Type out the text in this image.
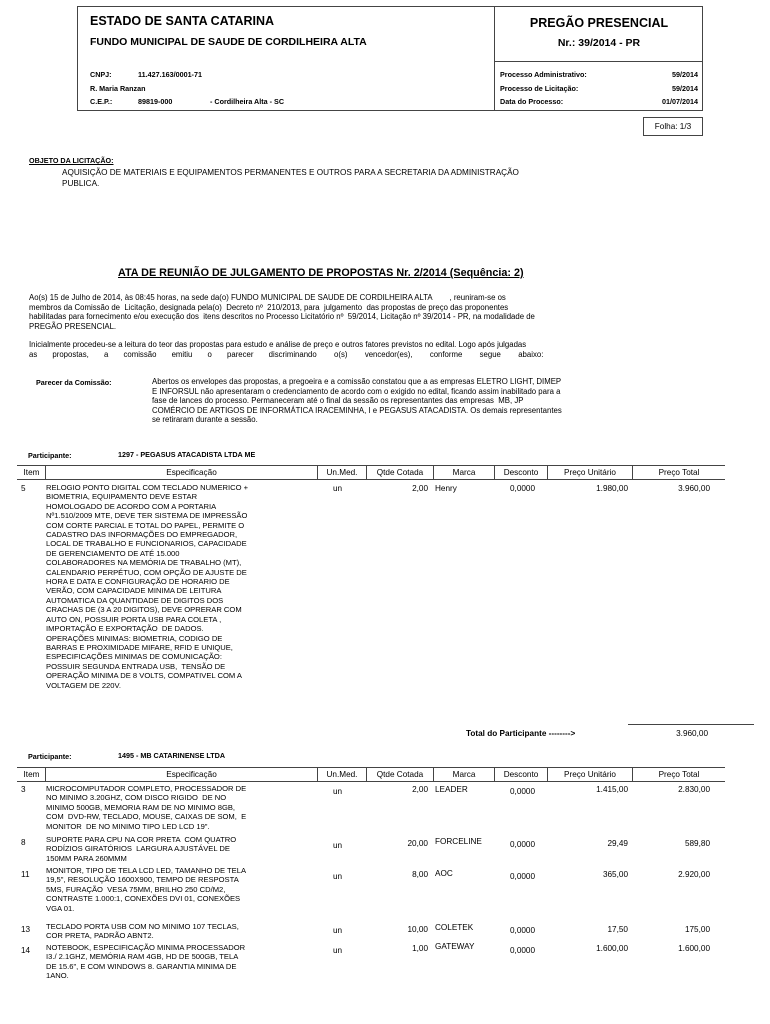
ESTADO DE SANTA CATARINA
FUNDO MUNICIPAL DE SAUDE DE CORDILHEIRA ALTA
CNPJ:	11.427.163/0001-71
R. Maria Ranzan
C.E.P.:	89819-000	- Cordilheira Alta - SC
PREGÃO PRESENCIAL
Nr.: 39/2014 - PR
Processo Administrativo:	59/2014
Processo de Licitação:	59/2014
Data do Processo:	01/07/2014
Folha: 1/3
OBJETO DA LICITAÇÃO:
AQUISIÇÃO DE MATERIAIS E EQUIPAMENTOS PERMANENTES E OUTROS PARA A SECRETARIA DA ADMINISTRAÇÃO
PUBLICA.
ATA DE REUNIÃO DE JULGAMENTO DE PROPOSTAS Nr. 2/2014 (Sequência: 2)
Ao(s) 15 de Julho de 2014, às 08:45 horas, na sede da(o) FUNDO MUNICIPAL DE SAUDE DE CORDILHEIRA ALTA        , reuniram-se os
membros da Comissão de  Licitação, designada pela(o)  Decreto nº  210/2013, para  julgamento  das propostas de preço das proponentes
habilitadas para fornecimento e/ou execução dos  itens descritos no Processo Licitatório nº  59/2014, Licitação nº 39/2014 - PR, na modalidade de
PREGÃO PRESENCIAL.
Inicialmente procedeu-se a leitura do teor das propostas para estudo e análise de preço e outros fatores previstos no edital. Logo após julgadas
as       propostas,       a       comissão       emitiu       o       parecer       discriminando        o(s)        vencedor(es),        conforme        segue        abaixo:
Parecer da Comissão:	Abertos os envelopes das propostas, a pregoeira e a comissão constatou que a as empresas ELETRO LIGHT, DIMEP
E INFORSUL não apresentaram o credenciamento de acordo com o exigido no edital, ficando assim inabilitado para a
fase de lances do processo. Permaneceram até o final da sessão os representantes das empresas  MB, JP
COMÉRCIO DE ARTIGOS DE INFORMÁTICA IRACEMINHA, I e PEGASUS ATACADISTA. Os demais representantes
se retiraram durante a sessão.
Participante:	1297 - PEGASUS ATACADISTA LTDA ME
Item	Especificação	Un.Med.	Qtde Cotada	Marca	Desconto	Preço Unitário	Preço Total
5	RELOGIO PONTO DIGITAL COM TECLADO NUMERICO +
BIOMETRIA, EQUIPAMENTO DEVE ESTAR
HOMOLOGADO DE ACORDO COM A PORTARIA
Nº1.510/2009 MTE, DEVE TER SISTEMA DE IMPRESSÃO
COM CORTE PARCIAL E TOTAL DO PAPEL, PERMITE O
CADASTRO DAS INFORMAÇÕES DO EMPREGADOR,
LOCAL DE TRABALHO E FUNCIONARIOS, CAPACIDADE
DE GERENCIAMENTO DE ATÉ 15.000
COLABORADORES NA MEMÓRIA DE TRABALHO (MT),
CALENDARIO PERPÉTUO, COM OPÇÃO DE AJUSTE DE
HORA E DATA E CONFIGURAÇÃO DE HORARIO DE
VERÃO, COM CAPACIDADE MINIMA DE LEITURA
AUTOMATICA DA QUANTIDADE DE DIGITOS DOS
CRACHAS DE (3 A 20 DIGITOS), DEVE OPRERAR COM
AUTO ON, POSSUIR PORTA USB PARA COLETA ,
IMPORTAÇÃO E EXPORTAÇÃO  DE DADOS.
OPERAÇÕES MINIMAS: BIOMETRIA, CODIGO DE
BARRAS E PROXIMIDADE MIFARE, RFID E UNIQUE,
ESPECIFICAÇÕES MINIMAS DE COMUNICAÇÃO:
POSSUIR SEGUNDA ENTRADA USB,  TENSÃO DE
OPERAÇÃO MINIMA DE 8 VOLTS, COMPATIVEL COM A
VOLTAGEM DE 220V.
un	2,00 Henry	0,0000	1.980,00	3.960,00
Total do Participante -------->	3.960,00
Participante:	1495 - MB CATARINENSE LTDA
Item	Especificação	Un.Med.	Qtde Cotada	Marca	Desconto	Preço Unitário	Preço Total
3	MICROCOMPUTADOR COMPLETO, PROCESSADOR DE
NO MINIMO 3.20GHZ, COM DISCO RIGIDO  DE NO
MINIMO 500GB, MEMORIA RAM DE NO MINIMO 8GB,
COM  DVD-RW, TECLADO, MOUSE, CAIXAS DE SOM,  E
MONITOR  DE NO MINIMO TIPO LED LCD 19".
un	2,00 LEADER	0,0000	1.415,00	2.830,00
8	SUPORTE PARA CPU NA COR PRETA  COM QUATRO
RODÍZIOS GIRATÓRIOS  LARGURA AJUSTÁVEL DE
150MM PARA 260MMM
un	20,00 FORCELINE	0,0000	29,49	589,80
11 MONITOR, TIPO DE TELA LCD LED, TAMANHO DE TELA
19,5", RESOLUÇÃO 1600X900, TEMPO DE RESPOSTA
5MS, FURAÇÃO  VESA 75MM, BRILHO 250 CD/M2,
CONTRASTE 1.000:1, CONEXÕES DVI 01, CONEXÕES
VGA 01.
un	8,00 AOC	0,0000	365,00	2.920,00
13 TECLADO PORTA USB COM NO MINIMO 107 TECLAS,
COR PRETA, PADRÃO ABNT2.
un	10,00 COLETEK	0,0000	17,50	175,00
14 NOTEBOOK, ESPECIFICAÇÃO MINIMA PROCESSADOR
I3./ 2.1GHZ, MEMÓRIA RAM 4GB, HD DE 500GB, TELA
DE 15.6", E COM WINDOWS 8. GARANTIA MINIMA DE
1ANO.
un	1,00 GATEWAY	0,0000	1.600,00	1.600,00
